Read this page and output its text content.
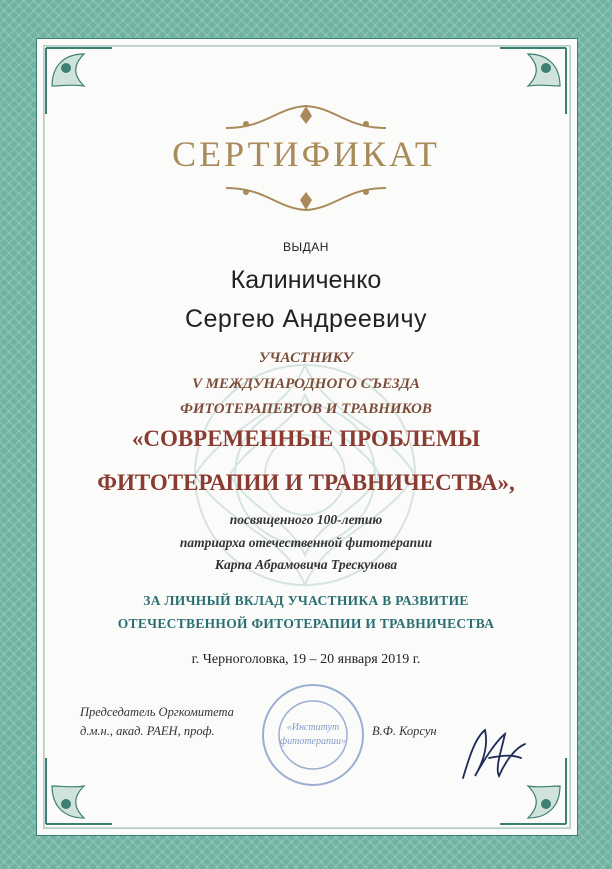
СЕРТИФИКАТ
ВЫДАН
Калиниченко
Сергею Андреевичу
УЧАСТНИКУ
V МЕЖДУНАРОДНОГО СЪЕЗДА
ФИТОТЕРАПЕВТОВ И ТРАВНИКОВ
«СОВРЕМЕННЫЕ ПРОБЛЕМЫ
ФИТОТЕРАПИИ И ТРАВНИЧЕСТВА»,
посвященного 100-летию
патриарха отечественной фитотерапии
Карпа Абрамовича Трескунова
ЗА ЛИЧНЫЙ ВКЛАД УЧАСТНИКА В РАЗВИТИЕ
ОТЕЧЕСТВЕННОЙ ФИТОТЕРАПИИ И ТРАВНИЧЕСТВА
г. Черноголовка, 19 – 20 января 2019 г.
Председатель Оргкомитета
д.м.н., акад. РАЕН, проф.	В.Ф. Корсун
«Институт
фитотерапии»
